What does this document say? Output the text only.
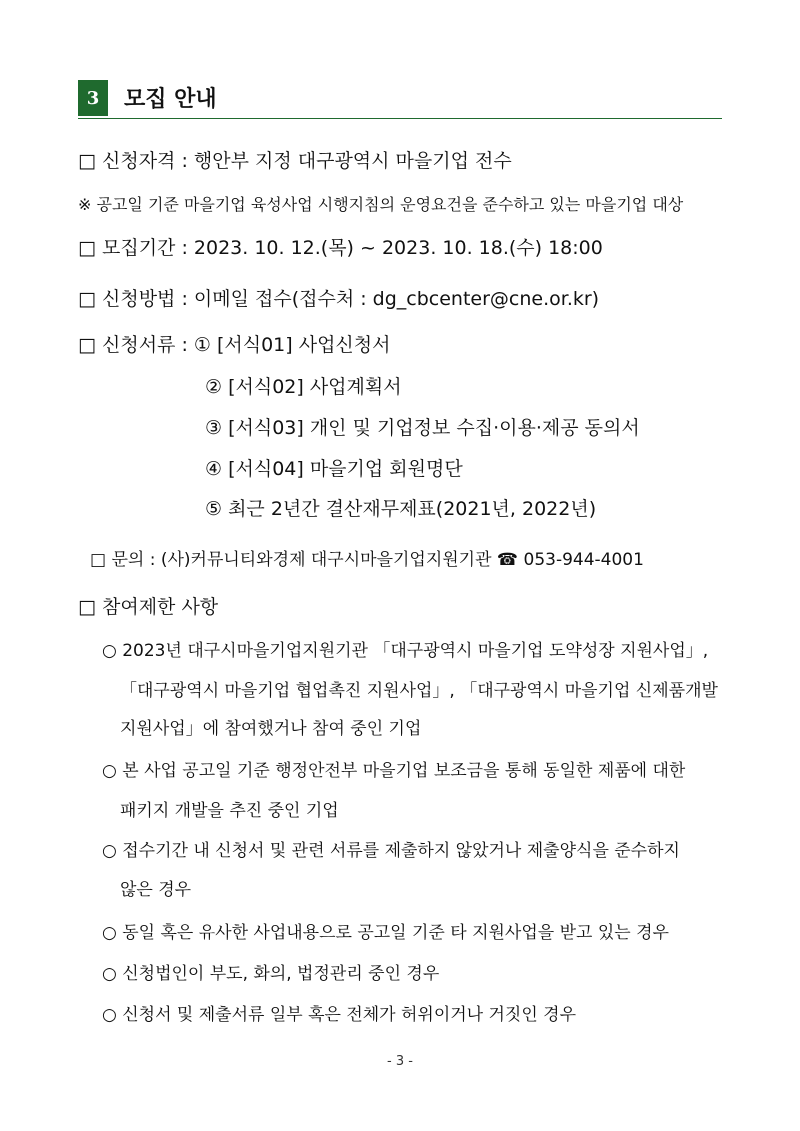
3	모집 안내
□ 신청자격 : 행안부 지정 대구광역시 마을기업 전수
※ 공고일 기준 마을기업 육성사업 시행지침의 운영요건을 준수하고 있는 마을기업 대상
□ 모집기간 : 2023. 10. 12.(목) ~ 2023. 10. 18.(수) 18:00
□ 신청방법 : 이메일 접수(접수처 : dg_cbcenter@cne.or.kr)
□ 신청서류 : ① [서식01] 사업신청서
② [서식02] 사업계획서
③ [서식03] 개인 및 기업정보 수집·이용·제공 동의서
④ [서식04] 마을기업 회원명단
⑤ 최근 2년간 결산재무제표(2021년, 2022년)
□ 문의 : (사)커뮤니티와경제 대구시마을기업지원기관 ☎ 053-944-4001
□ 참여제한 사항
○ 2023년 대구시마을기업지원기관 「대구광역시 마을기업 도약성장 지원사업」,
「대구광역시 마을기업 협업촉진 지원사업」, 「대구광역시 마을기업 신제품개발
지원사업」에 참여했거나 참여 중인 기업
○ 본 사업 공고일 기준 행정안전부 마을기업 보조금을 통해 동일한 제품에 대한
패키지 개발을 추진 중인 기업
○ 접수기간 내 신청서 및 관련 서류를 제출하지 않았거나 제출양식을 준수하지
않은 경우
○ 동일 혹은 유사한 사업내용으로 공고일 기준 타 지원사업을 받고 있는 경우
○ 신청법인이 부도, 화의, 법정관리 중인 경우
○ 신청서 및 제출서류 일부 혹은 전체가 허위이거나 거짓인 경우
- 3 -
